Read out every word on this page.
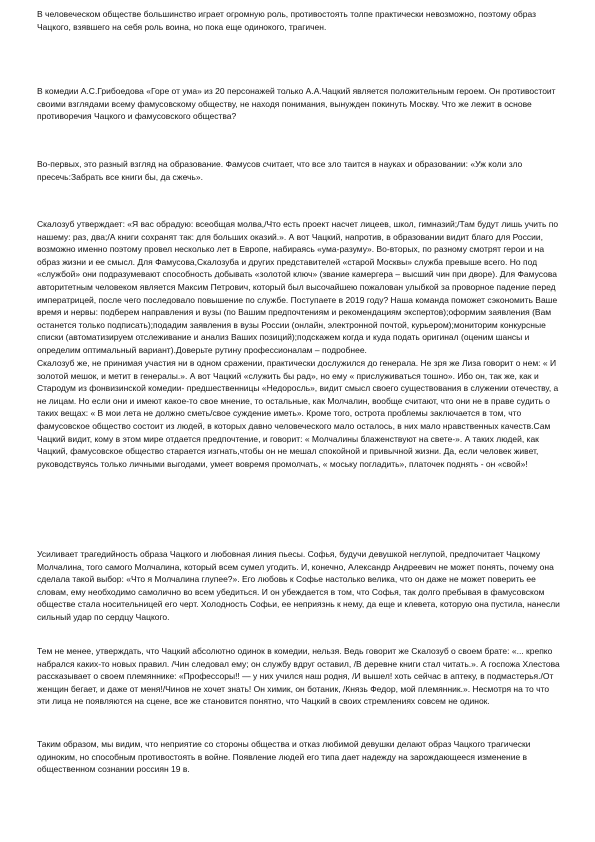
В человеческом обществе большинство играет огромную роль, противостоять толпе практически невозможно, поэтому образ Чацкого, взявшего на себя роль воина, но пока еще одинокого, трагичен.

В комедии А.С.Грибоедова «Горе от ума» из 20 персонажей только А.А.Чацкий является положительным героем. Он противостоит своими взглядами всему фамусовскому обществу, не находя понимания, вынужден покинуть Москву. Что же лежит в основе противоречия Чацкого и фамусовского общества?

Во-первых, это разный взгляд на образование. Фамусов считает, что все зло таится в науках и образовании: «Уж коли зло пресечь:Забрать все книги бы, да сжечь».

Скалозуб утверждает: «Я вас обрадую: всеобщая молва,/Что есть проект насчет лицеев, школ, гимназий;/Там будут лишь учить по нашему: раз, два;/А книги сохранят так: для больших оказий.». А вот Чацкий, напротив, в образовании видит благо для России, возможно именно поэтому провел несколько лет в Европе, набираясь «ума-разуму». Во-вторых, по разному смотрят герои и на образ жизни и ее смысл. Для Фамусова,Скалозуба и других представителей «старой Москвы» служба превыше всего. Но под «службой» они подразумевают способность добывать «золотой ключ» (звание камергера – высший чин при дворе). Для Фамусова авторитетным человеком является Максим Петрович, который был высочайшею пожалован улыбкой за проворное падение перед императрицей, после чего последовало повышение по службе. Поступаете в 2019 году? Наша команда поможет сэкономить Ваше время и нервы: подберем направления и вузы (по Вашим предпочтениям и рекомендациям экспертов);оформим заявления (Вам останется только подписать);подадим заявления в вузы России (онлайн, электронной почтой, курьером);мониторим конкурсные списки (автоматизируем отслеживание и анализ Ваших позиций);подскажем когда и куда подать оригинал (оценим шансы и определим оптимальный вариант).Доверьте рутину профессионалам – подробнее.

Скалозуб же, не принимая участия ни в одном сражении, практически дослужился до генерала. Не зря же Лиза говорит о нем: « И золотой мешок, и метит в генералы.». А вот Чацкий «служить бы рад», но ему « прислуживаться тошно». Ибо он, так же, как и Стародум из фонвизинской комедии- предшественницы «Недоросль», видит смысл своего существования в служении отечеству, а не лицам. Но если они и имеют какое-то свое мнение, то остальные, как Молчалин, вообще считают, что они не в праве судить о таких вещах: « В мои лета не должно сметь/свое суждение иметь». Кроме того, острота проблемы заключается в том, что фамусовское общество состоит из людей, в которых давно человеческого мало осталось, в них мало нравственных качеств.Сам Чацкий видит, кому в этом мире отдается предпочтение, и говорит: « Молчалины блаженствуют на свете-». А таких людей, как Чацкий, фамусовское общество старается изгнать,чтобы он не мешал спокойной и привычной жизни. Да, если человек живет, руководствуясь только личными выгодами, умеет вовремя промолчать, « моську погладить», платочек поднять - он «свой»!

Усиливает трагедийность образа Чацкого и любовная линия пьесы. Софья, будучи девушкой неглупой, предпочитает Чацкому Молчалина, того самого Молчалина, который всем сумел угодить. И, конечно, Александр Андреевич не может понять, почему она сделала такой выбор: «Что я Молчалина глупее?». Его любовь к Софье настолько велика, что он даже не может поверить ее словам, ему необходимо самолично во всем убедиться. И он убеждается в том, что Софья, так долго пребывая в фамусовском обществе стала носительницей его черт. Холодность Софьи, ее неприязнь к нему, да еще и клевета, которую она пустила, нанесли сильный удар по сердцу Чацкого.

Тем не менее, утверждать, что Чацкий абсолютно одинок в комедии, нельзя. Ведь говорит же Скалозуб о своем брате: «... крепко набрался каких-то новых правил. /Чин следовал ему; он службу вдруг оставил, /В деревне книги стал читать.». А госпожа Хлестова рассказывает о своем племяннике: «Профессоры!! — у них учился наш родня, /И вышел! хоть сейчас в аптеку, в подмастерья./От женщин бегает, и даже от меня!/Чинов не хочет знать! Он химик, он ботаник, /Князь Федор, мой племянник.». Несмотря на то что эти лица не появляются на сцене, все же становится понятно, что Чацкий в своих стремлениях совсем не одинок.

Таким образом, мы видим, что неприятие со стороны общества и отказ любимой девушки делают образ Чацкого трагически одиноким, но способным противостоять в войне. Появление людей его типа дает надежду на зарождающееся изменение в общественном сознании россиян 19 в.
